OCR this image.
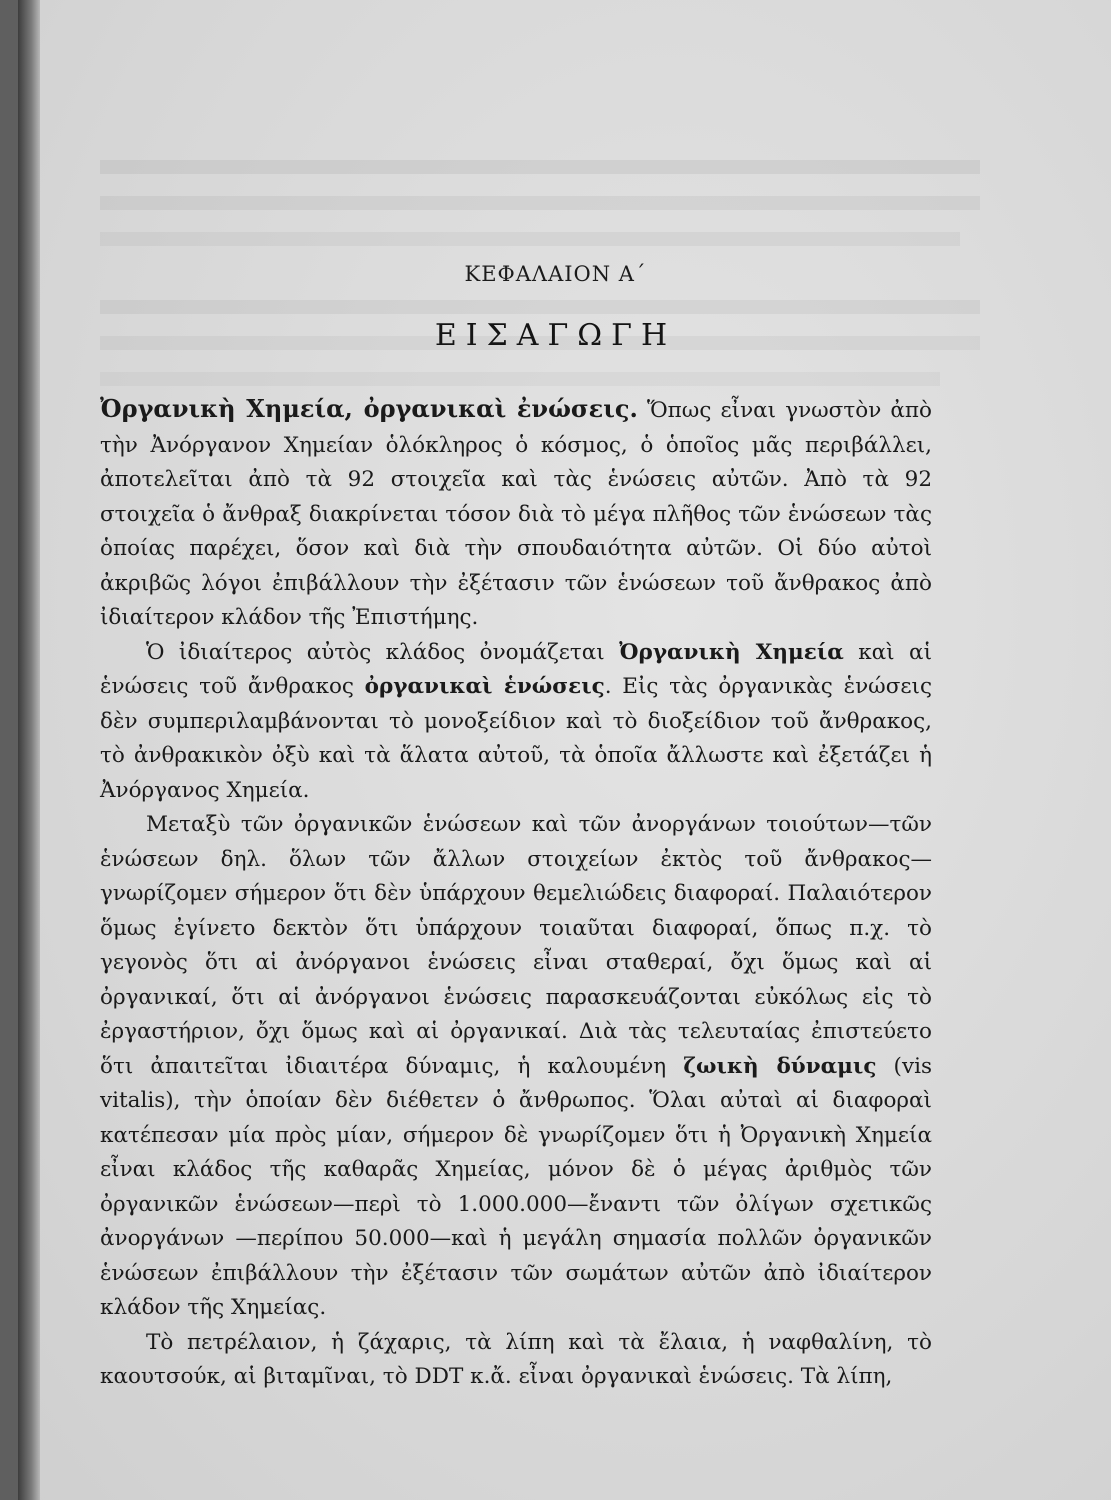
ΚΕΦΑΛΑΙΟΝ Α΄
ΕΙΣΑΓΩΓΗ

Ὀργανικὴ Χημεία, ὀργανικαὶ ἐνώσεις. Ὅπως εἶναι γνωστὸν ἀπὸ τὴν Ἀνόργανον Χημείαν ὁλόκληρος ὁ κόσμος, ὁ ὁποῖος μᾶς περιβάλλει, ἀποτελεῖται ἀπὸ τὰ 92 στοιχεῖα καὶ τὰς ἑνώσεις αὐτῶν. Ἀπὸ τὰ 92 στοιχεῖα ὁ ἄνθραξ διακρίνεται τόσον διὰ τὸ μέγα πλῆθος τῶν ἑνώσεων τὰς ὁποίας παρέχει, ὅσον καὶ διὰ τὴν σπουδαιότητα αὐτῶν. Οἱ δύο αὐτοὶ ἀκριβῶς λόγοι ἐπιβάλλουν τὴν ἐξέτασιν τῶν ἑνώσεων τοῦ ἄνθρακος ἀπὸ ἰδιαίτερον κλάδον τῆς Ἐπιστήμης.

Ὁ ἰδιαίτερος αὐτὸς κλάδος ὀνομάζεται Ὀργανικὴ Χημεία καὶ αἱ ἑνώσεις τοῦ ἄνθρακος ὀργανικαὶ ἑνώσεις. Εἰς τὰς ὀργανικὰς ἑνώσεις δὲν συμπεριλαμβάνονται τὸ μονοξείδιον καὶ τὸ διοξείδιον τοῦ ἄνθρακος, τὸ ἀνθρακικὸν ὀξὺ καὶ τὰ ἅλατα αὐτοῦ, τὰ ὁποῖα ἄλλωστε καὶ ἐξετάζει ἡ Ἀνόργανος Χημεία.

Μεταξὺ τῶν ὀργανικῶν ἑνώσεων καὶ τῶν ἀνοργάνων τοιούτων—τῶν ἑνώσεων δηλ. ὅλων τῶν ἄλλων στοιχείων ἐκτὸς τοῦ ἄνθρακος—γνωρίζομεν σήμερον ὅτι δὲν ὑπάρχουν θεμελιώδεις διαφοραί. Παλαιότερον ὅμως ἐγίνετο δεκτὸν ὅτι ὑπάρχουν τοιαῦται διαφοραί, ὅπως π.χ. τὸ γεγονὸς ὅτι αἱ ἀνόργανοι ἑνώσεις εἶναι σταθεραί, ὄχι ὅμως καὶ αἱ ὀργανικαί, ὅτι αἱ ἀνόργανοι ἑνώσεις παρασκευάζονται εὐκόλως εἰς τὸ ἐργαστήριον, ὄχι ὅμως καὶ αἱ ὀργανικαί. Διὰ τὰς τελευταίας ἐπιστεύετο ὅτι ἀπαιτεῖται ἰδιαιτέρα δύναμις, ἡ καλουμένη ζωικὴ δύναμις (vis vitalis), τὴν ὁποίαν δὲν διέθετεν ὁ ἄνθρωπος. Ὅλαι αὐταὶ αἱ διαφοραὶ κατέπεσαν μία πρὸς μίαν, σήμερον δὲ γνωρίζομεν ὅτι ἡ Ὀργανικὴ Χημεία εἶναι κλάδος τῆς καθαρᾶς Χημείας, μόνον δὲ ὁ μέγας ἀριθμὸς τῶν ὀργανικῶν ἑνώσεων—περὶ τὸ 1.000.000—ἔναντι τῶν ὀλίγων σχετικῶς ἀνοργάνων —περίπου 50.000—καὶ ἡ μεγάλη σημασία πολλῶν ὀργανικῶν ἑνώσεων ἐπιβάλλουν τὴν ἐξέτασιν τῶν σωμάτων αὐτῶν ἀπὸ ἰδιαίτερον κλάδον τῆς Χημείας.

Τὸ πετρέλαιον, ἡ ζάχαρις, τὰ λίπη καὶ τὰ ἔλαια, ἡ ναφθαλίνη, τὸ καουτσούκ, αἱ βιταμῖναι, τὸ DDT κ.ἄ. εἶναι ὀργανικαὶ ἑνώσεις. Τὰ λίπη,
